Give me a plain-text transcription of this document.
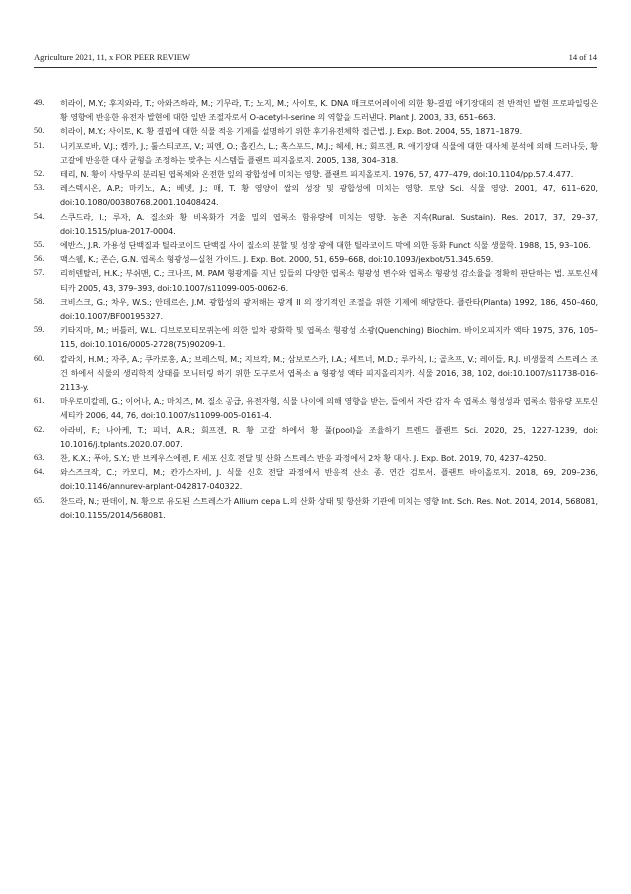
Agriculture 2021, 11, x FOR PEER REVIEW	14 of 14
49.	히라이, M.Y.; 후지와라, T.; 아와즈하라, M.; 기무라, T.; 노지, M.; 사이토, K. DNA 매크로어레이에 의한 황-결핍 애기장대의 전 반적인 발현 프로파일링은 황 영향에 반응한 유전자 발현에 대한 일반 조절자로서 O-acetyl-l-serine 의 역할을 드러낸다. Plant J. 2003, 33, 651–663.
50.	히라이, M.Y.; 사이토, K. 황 결핍에 대한 식물 적응 기제를 설명하기 위한 후기유전체학 접근법. J. Exp. Bot. 2004, 55, 1871–1879.
51.	니키포로바, V.J.; 켐카, J.; 툴스티코프, V.; 피엔, O.; 홉킨스, L.; 혹스포드, M.J.; 헤세, H.; 회프겐, R. 애기장대 식물에 대한 대사체 분석에 의해 드러나듯, 황 고갈에 반응한 대사 균형을 조정하는 맞추는 시스템들 플랜트 피지올로지. 2005, 138, 304–318.
52.	테리, N. 황이 사탕무의 분리된 엽록체와 온전한 잎의 광합성에 미치는 영향. 플랜트 피지올로지. 1976, 57, 477–479, doi:10.1104/pp.57.4.477.
53.	레스텍시온, A.P.; 마키노, A.; 베넷, J.; 매, T. 황 영양이 쌀의 성장 및 광합성에 미치는 영향. 토양 Sci. 식물 영양. 2001, 47, 611–620, doi:10.1080/00380768.2001.10408424.
54.	스쿠드라, I.; 루자, A. 질소와 황 비옥화가 겨울 밀의 엽록소 함유량에 미치는 영향. 농촌 지속(Rural. Sustain). Res. 2017, 37, 29–37, doi:10.1515/plua-2017-0004.
55.	에반스, J.R. 가용성 단백질과 틸라코이드 단백질 사이 질소의 분할 및 성장 광에 대한 틸라코이드 막에 의한 동화 Funct 식물 생물학. 1988, 15, 93–106.
56.	맥스웰, K.; 존슨, G.N. 엽록소 형광성—실천 가이드. J. Exp. Bot. 2000, 51, 659–668, doi:10.1093/jexbot/51.345.659.
57.	리히텐탈러, H.K.; 부쉬맨, C.; 크나프, M. PAM 형광계를 지닌 잎들의 다양한 엽록소 형광성 변수와 엽록소 형광성 감소율을 정확히 판단하는 법. 포토신세티카 2005, 43, 379–393, doi:10.1007/s11099-005-0062-6.
58.	크비스크, G.; 차우, W.S.; 안데르손, J.M. 광합성의 광저해는 광계 II 의 장기적인 조절을 위한 기제에 해당한다. 플란타(Planta) 1992, 186, 450–460, doi:10.1007/BF00195327.
59.	키타지마, M.; 버틀러, W.L. 디브로모티모퀴논에 의한 일차 광화학 및 엽록소 형광성 소광(Quenching) Biochim. 바이오피지카 액타 1975, 376, 105–115, doi:10.1016/0005-2728(75)90209-1.
60.	칼라치, H.M.; 자주, A.; 쿠카로홍, A.; 브레스틱, M.; 지브칵, M.; 삼보로스카, I.A.; 세트너, M.D.; 루카식, I.; 골츠프, V.; 레이들, R.J. 비생물적 스트레스 조건 하에서 식물의 생리학적 상태를 모니터링 하기 위한 도구로서 엽록소 a 형광성 액타 피지올리지카. 식물 2016, 38, 102, doi:10.1007/s11738-016-2113-y.
61.	마우로미칼레, G.; 이어나, A.; 마치즈, M. 질소 공급, 유전자형, 식물 나이에 의해 영향을 받는, 들에서 자란 감자 속 엽록소 형성성과 엽록소 함유량 포토신세티카 2006, 44, 76, doi:10.1007/s11099-005-0161-4.
62.	아라비, F.; 나아케, T.; 피너, A.R.; 회프겐, R. 황 고갈 하에서 황 풀(pool)을 조율하기 트렌드 플랜트 Sci. 2020, 25, 1227-1239, doi: 10.1016/j.tplants.2020.07.007.
63.	찬, K.X.; 푸아, S.Y.; 반 브케우스에켄, F. 세포 신호 전달 및 산화 스트레스 반응 과정에서 2차 황 대사. J. Exp. Bot. 2019, 70, 4237–4250.
64.	와스즈크작, C.; 카모디, M.; 칸가스자비, J. 식물 신호 전달 과정에서 반응적 산소 종. 연간 검토서. 플랜트 바이올로지. 2018, 69, 209–236, doi:10.1146/annurev-arplant-042817-040322.
65.	찬드라, N.; 판데이, N. 황으로 유도된 스트레스가 Allium cepa L.의 산화 상태 및 항산화 기관에 미치는 영향 Int. Sch. Res. Not. 2014, 2014, 568081, doi:10.1155/2014/568081.
